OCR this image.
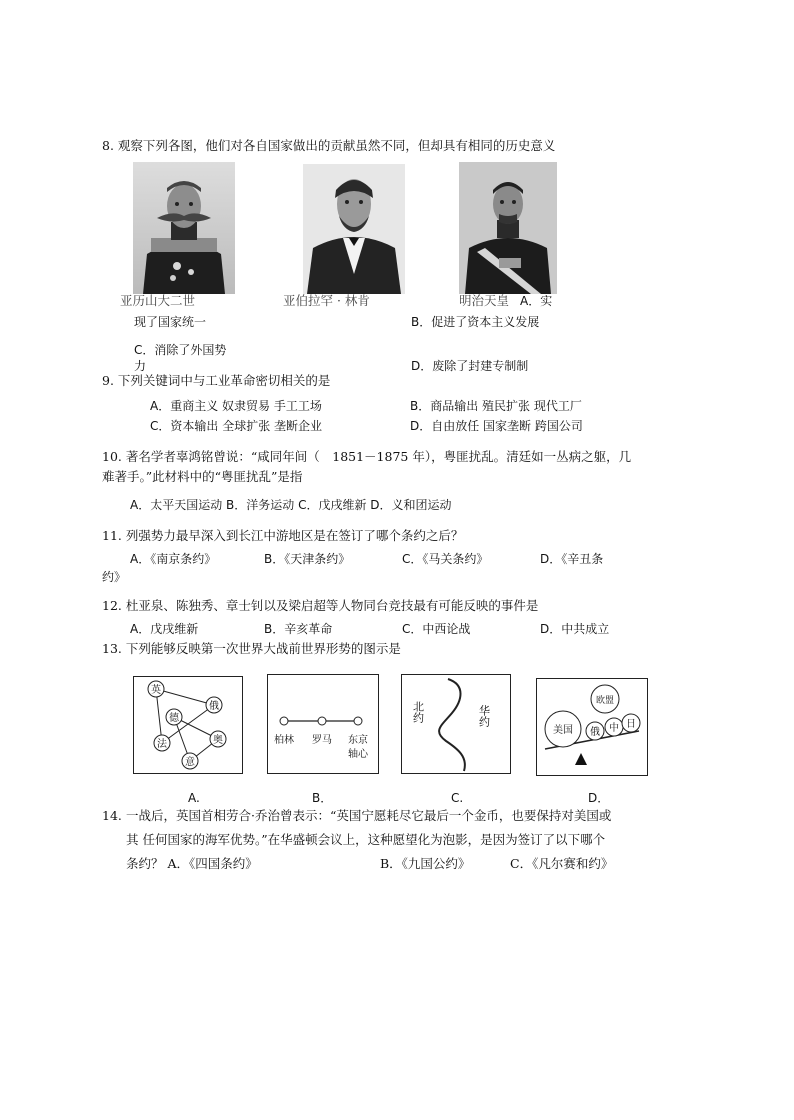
8. 观察下列各图，他们对各自国家做出的贡献虽然不同，但却具有相同的历史意义
亚历山大二世	亚伯拉罕 · 林肯	明治天皇 A．实
现了国家统一	B．促进了资本主义发展
C．消除了外国势力	D．废除了封建专制制
9. 下列关键词中与工业革命密切相关的是
A．重商主义 奴隶贸易 手工工场	B．商品输出 殖民扩张 现代工厂
C．资本输出 全球扩张 垄断企业	D．自由放任 国家垄断 跨国公司
10. 著名学者辜鸿铭曾说：“咸同年间（　1851－1875 年），粤匪扰乱。清廷如一丛病之躯，几
难著手。”此材料中的“粤匪扰乱”是指
A．太平天国运动 B．洋务运动 C．戊戌维新 D．义和团运动
11. 列强势力最早深入到长江中游地区是在签订了哪个条约之后？
A．《南京条约》	B．《天津条约》	C．《马关条约》	D．《辛丑条
约》
12. 杜亚泉、陈独秀、章士钊以及梁启超等人物同台竞技最有可能反映的事件是
A．戊戌维新	B．辛亥革命	C．中西论战	D．中共成立
13. 下列能够反映第一次世界大战前世界形势的图示是
英
俄
德
法	奥
意
柏林 罗马 东京
轴心
北约	华约
美国 俄 中 日
欧盟
A.	B．	C.	D．
14. 一战后，英国首相劳合·乔治曾表示：“英国宁愿耗尽它最后一个金币，也要保持对美国或
其 任何国家的海军优势。”在华盛顿会议上，这种愿望化为泡影，是因为签订了以下哪个
条约？ A．《四国条约》	B．《九国公约》	C．《凡尔赛和约》
